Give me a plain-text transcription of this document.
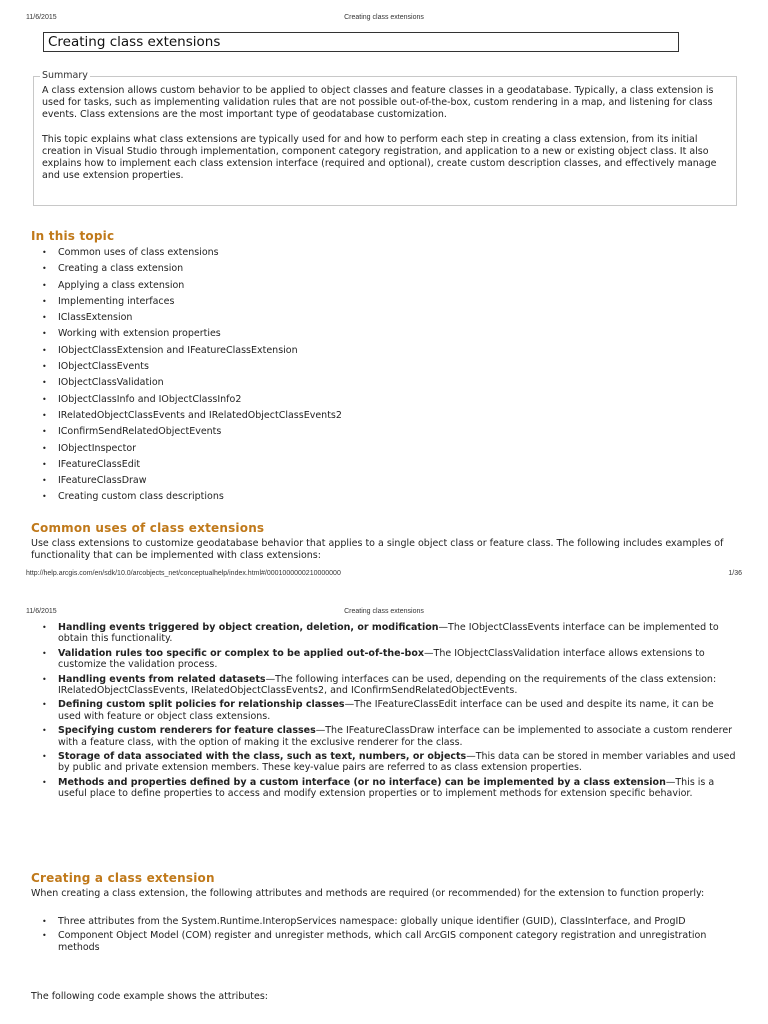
11/6/2015	Creating class extensions
Creating class extensions
Summary

A class extension allows custom behavior to be applied to object classes and feature classes in a geodatabase. Typically, a class extension is used for tasks, such as implementing validation rules that are not possible out-of-the-box, custom rendering in a map, and listening for class events. Class extensions are the most important type of geodatabase customization.

This topic explains what class extensions are typically used for and how to perform each step in creating a class extension, from its initial creation in Visual Studio through implementation, component category registration, and application to a new or existing object class. It also explains how to implement each class extension interface (required and optional), create custom description classes, and effectively manage and use extension properties.

In this topic
• Common uses of class extensions
• Creating a class extension
• Applying a class extension
• Implementing interfaces
• IClassExtension
• Working with extension properties
• IObjectClassExtension and IFeatureClassExtension
• IObjectClassEvents
• IObjectClassValidation
• IObjectClassInfo and IObjectClassInfo2
• IRelatedObjectClassEvents and IRelatedObjectClassEvents2
• IConfirmSendRelatedObjectEvents
• IObjectInspector
• IFeatureClassEdit
• IFeatureClassDraw
• Creating custom class descriptions
Common uses of class extensions
Use class extensions to customize geodatabase behavior that applies to a single object class or feature class. The following includes examples of functionality that can be implemented with class extensions:
http://help.arcgis.com/en/sdk/10.0/arcobjects_net/conceptualhelp/index.html#/0001000000210000000	1/36
11/6/2015	Creating class extensions
• Handling events triggered by object creation, deletion, or modification—The IObjectClassEvents interface can be implemented to obtain this functionality.
• Validation rules too specific or complex to be applied out-of-the-box—The IObjectClassValidation interface allows extensions to customize the validation process.
• Handling events from related datasets—The following interfaces can be used, depending on the requirements of the class extension: IRelatedObjectClassEvents, IRelatedObjectClassEvents2, and IConfirmSendRelatedObjectEvents.
• Defining custom split policies for relationship classes—The IFeatureClassEdit interface can be used and despite its name, it can be used with feature or object class extensions.
• Specifying custom renderers for feature classes—The IFeatureClassDraw interface can be implemented to associate a custom renderer with a feature class, with the option of making it the exclusive renderer for the class.
• Storage of data associated with the class, such as text, numbers, or objects—This data can be stored in member variables and used by public and private extension members. These key-value pairs are referred to as class extension properties.
• Methods and properties defined by a custom interface (or no interface) can be implemented by a class extension—This is a useful place to define properties to access and modify extension properties or to implement methods for extension specific behavior.
Creating a class extension
When creating a class extension, the following attributes and methods are required (or recommended) for the extension to function properly:
• Three attributes from the System.Runtime.InteropServices namespace: globally unique identifier (GUID), ClassInterface, and ProgID
• Component Object Model (COM) register and unregister methods, which call ArcGIS component category registration and unregistration methods
The following code example shows the attributes:
